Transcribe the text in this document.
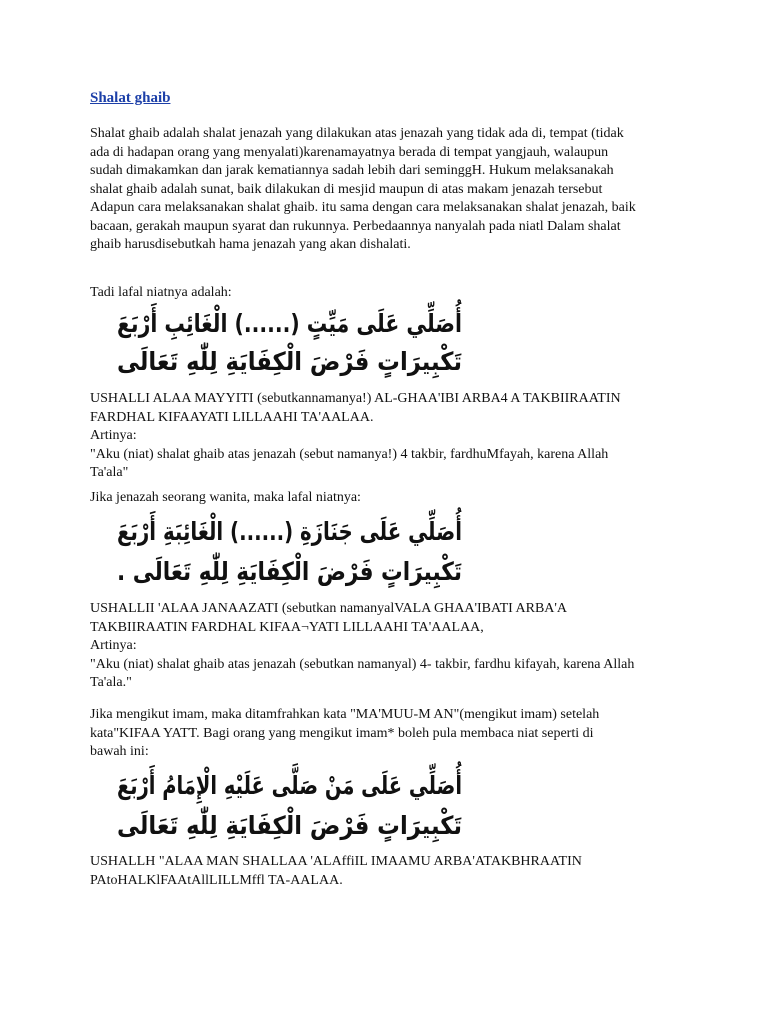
Shalat ghaib

Shalat ghaib adalah shalat jenazah yang dilakukan atas jenazah yang tidak ada di, tempat (tidak
ada di hadapan orang yang menyalati)karenamayatnya berada di tempat yangjauh, walaupun
sudah dimakamkan dan jarak kematiannya sadah lebih dari seminggH. Hukum melaksanakah
shalat ghaib adalah sunat, baik dilakukan di mesjid maupun di atas makam jenazah tersebut
Adapun cara melaksanakan shalat ghaib. itu sama dengan cara melaksanakan shalat jenazah, baik
bacaan, gerakah maupun syarat dan rukunnya. Perbedaannya nanyalah pada niatl Dalam shalat
ghaib harusdisebutkah hama jenazah yang akan dishalati.

Tadi lafal niatnya adalah:

أُصَلِّي عَلَى مَيِّتٍ (......) الْغَائِبِ أَرْبَعَ
تَكْبِيرَاتٍ فَرْضَ الْكِفَايَةِ لِلّٰهِ تَعَالَى

USHALLI ALAA MAYYITI (sebutkannamanya!) AL-GHAA'IBI ARBA4 A TAKBIIRAATIN
FARDHAL KIFAAYATI LILLAAHI TA'AALAA.
Artinya:
"Aku (niat) shalat ghaib atas jenazah (sebut namanya!) 4 takbir, fardhuMfayah, karena Allah
Ta'ala"

Jika jenazah seorang wanita, maka lafal niatnya:

أُصَلِّي عَلَى جَنَازَةِ (......) الْغَائِبَةِ أَرْبَعَ
تَكْبِيرَاتٍ فَرْضَ الْكِفَايَةِ لِلّٰهِ تَعَالَى .

USHALLII 'ALAA JANAAZATI (sebutkan namanyalVALA GHAA'IBATI ARBA'A
TAKBIIRAATIN FARDHAL KIFAA¬YATI LILLAAHI TA'AALAA,
Artinya:
"Aku (niat) shalat ghaib atas jenazah (sebutkan namanyal) 4- takbir, fardhu kifayah, karena Allah
Ta'ala."

Jika mengikut imam, maka ditamfrahkan kata "MA'MUU-M AN"(mengikut imam) setelah
kata"KIFAA YATT. Bagi orang yang mengikut imam* boleh pula membaca niat seperti di
bawah ini:

أُصَلِّي عَلَى مَنْ صَلَّى عَلَيْهِ الْإِمَامُ أَرْبَعَ
تَكْبِيرَاتٍ فَرْضَ الْكِفَايَةِ لِلّٰهِ تَعَالَى

USHALLH "ALAA MAN SHALLAA 'ALAffiIL IMAAMU ARBA'ATAKBHRAATIN
PAtoHALKlFAAtAllLILLMffl TA-AALAA.
